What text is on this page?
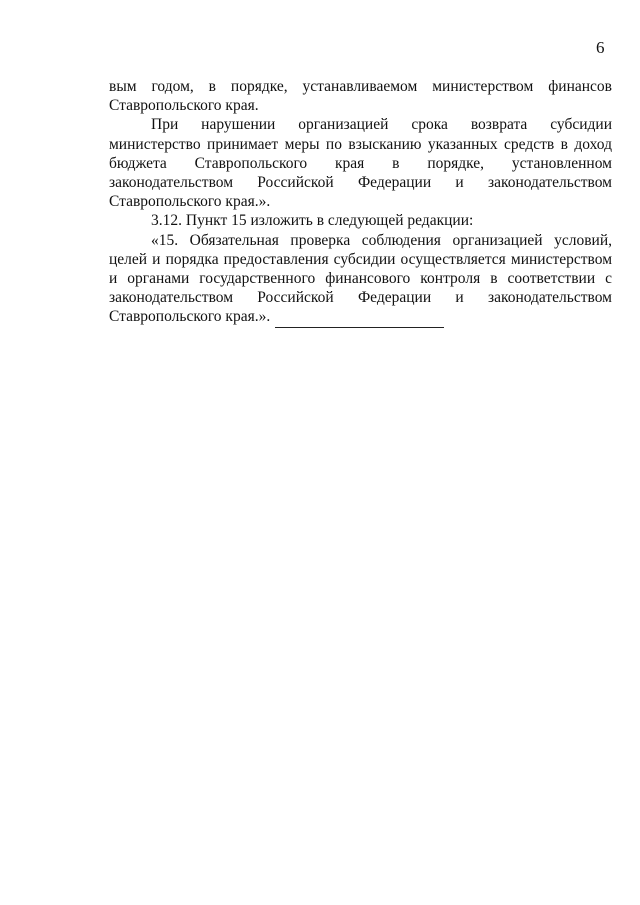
6

вым годом, в порядке, устанавливаемом министерством финансов Ставропольского края.

При нарушении организацией срока возврата субсидии министерство принимает меры по взысканию указанных средств в доход бюджета Ставропольского края в порядке, установленном законодательством Российской Федерации и законодательством Ставропольского края.».

3.12. Пункт 15 изложить в следующей редакции:

«15. Обязательная проверка соблюдения организацией условий, целей и порядка предоставления субсидии осуществляется министерством и органами государственного финансового контроля в соответствии с законодательством Российской Федерации и законодательством Ставропольского края.».
